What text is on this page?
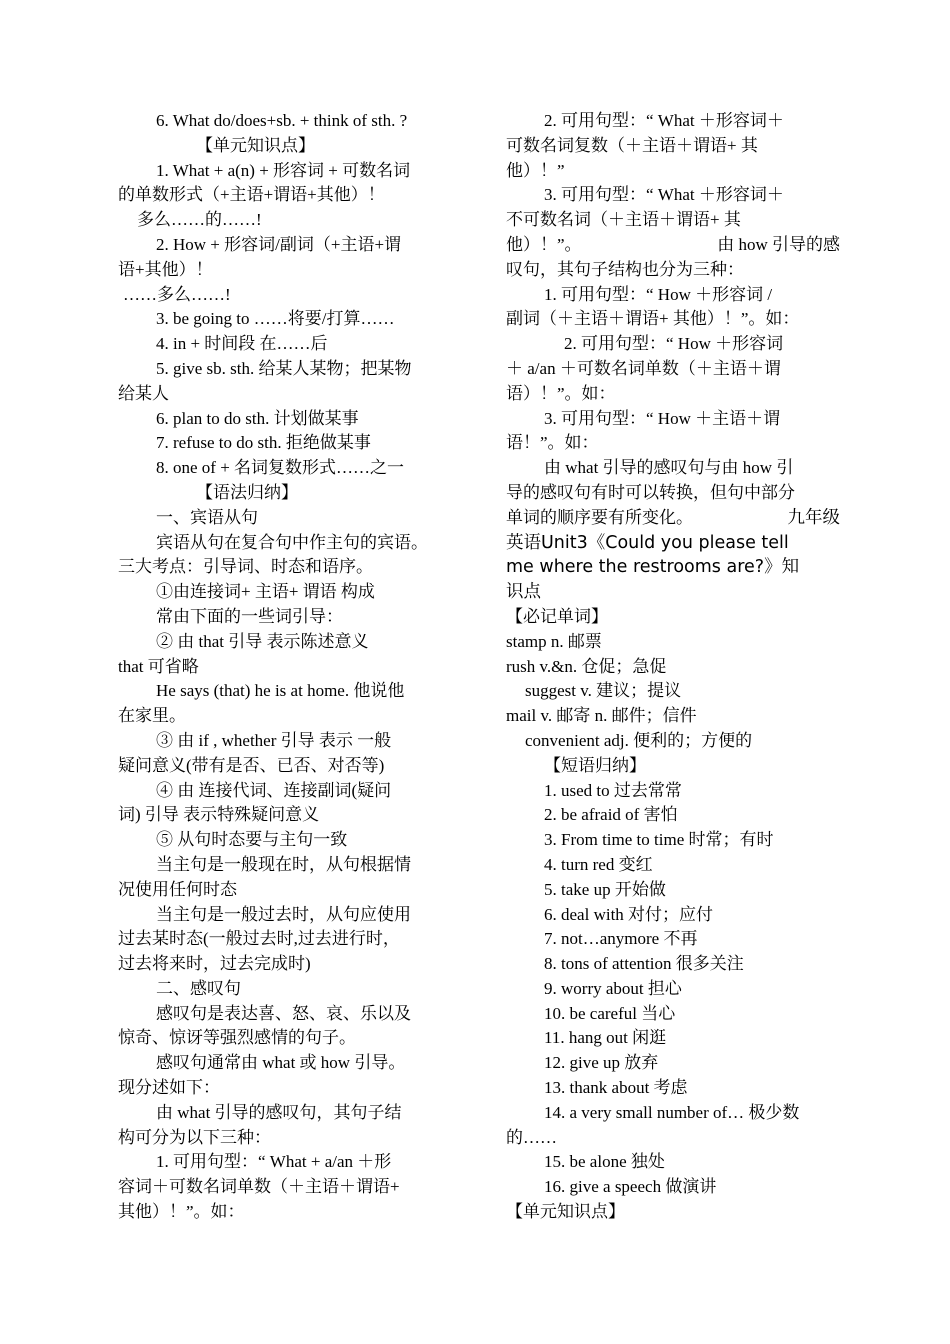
6. What do/does+sb. + think of sth. ?
【单元知识点】
1. What + a(n) + 形容词 + 可数名词
的单数形式（+主语+谓语+其他）！
多么……的……!
2. How + 形容词/副词（+主语+谓
语+其他）！
……多么……!
3. be going to ……将要/打算……
4. in + 时间段 在……后
5. give sb. sth. 给某人某物；把某物
给某人
6. plan to do sth. 计划做某事
7. refuse to do sth. 拒绝做某事
8. one of + 名词复数形式……之一
【语法归纳】
一、宾语从句
宾语从句在复合句中作主句的宾语。
三大考点：引导词、时态和语序。
①由连接词+ 主语+ 谓语 构成
常由下面的一些词引导：
② 由 that 引导 表示陈述意义
that 可省略
He says (that) he is at home. 他说他
在家里。
③ 由 if , whether 引导 表示 一般
疑问意义(带有是否、已否、对否等)
④ 由 连接代词、连接副词(疑问
词) 引导 表示特殊疑问意义
⑤ 从句时态要与主句一致
当主句是一般现在时，从句根据情
况使用任何时态
当主句是一般过去时，从句应使用
过去某时态(一般过去时,过去进行时，
过去将来时，过去完成时)
二、感叹句
感叹句是表达喜、怒、哀、乐以及
惊奇、惊讶等强烈感情的句子。
感叹句通常由 what 或 how 引导。
现分述如下：
由 what 引导的感叹句，其句子结
构可分为以下三种：
1. 可用句型：“ What + a/an ＋形
容词＋可数名词单数（＋主语＋谓语+
其他）！”。如：
2. 可用句型：“ What ＋形容词＋
可数名词复数（＋主语＋谓语+ 其
他）！”
3. 可用句型：“ What ＋形容词＋
不可数名词（＋主语＋谓语+ 其
他）！”。	由 how 引导的感
叹句，其句子结构也分为三种：
1. 可用句型：“ How ＋形容词 /
副词（＋主语＋谓语+ 其他）！”。如：
2. 可用句型：“ How ＋形容词
＋ a/an ＋可数名词单数（＋主语＋谓
语）！”。如：
3. 可用句型：“ How ＋主语＋谓
语！”。如：
由 what 引导的感叹句与由 how 引
导的感叹句有时可以转换，但句中部分
单词的顺序要有所变化。	九年级
英语Unit3《Could you please tell
me where the restrooms are?》知
识点
【必记单词】
stamp n. 邮票
rush v.&n. 仓促；急促
suggest v. 建议；提议
mail v. 邮寄 n. 邮件；信件
convenient adj. 便利的；方便的
【短语归纳】
1. used to 过去常常
2. be afraid of 害怕
3. From time to time 时常；有时
4. turn red 变红
5. take up 开始做
6. deal with 对付；应付
7. not…anymore 不再
8. tons of attention 很多关注
9. worry about 担心
10. be careful 当心
11. hang out 闲逛
12. give up 放弃
13. thank about 考虑
14. a very small number of… 极少数
的……
15. be alone 独处
16. give a speech 做演讲
【单元知识点】
